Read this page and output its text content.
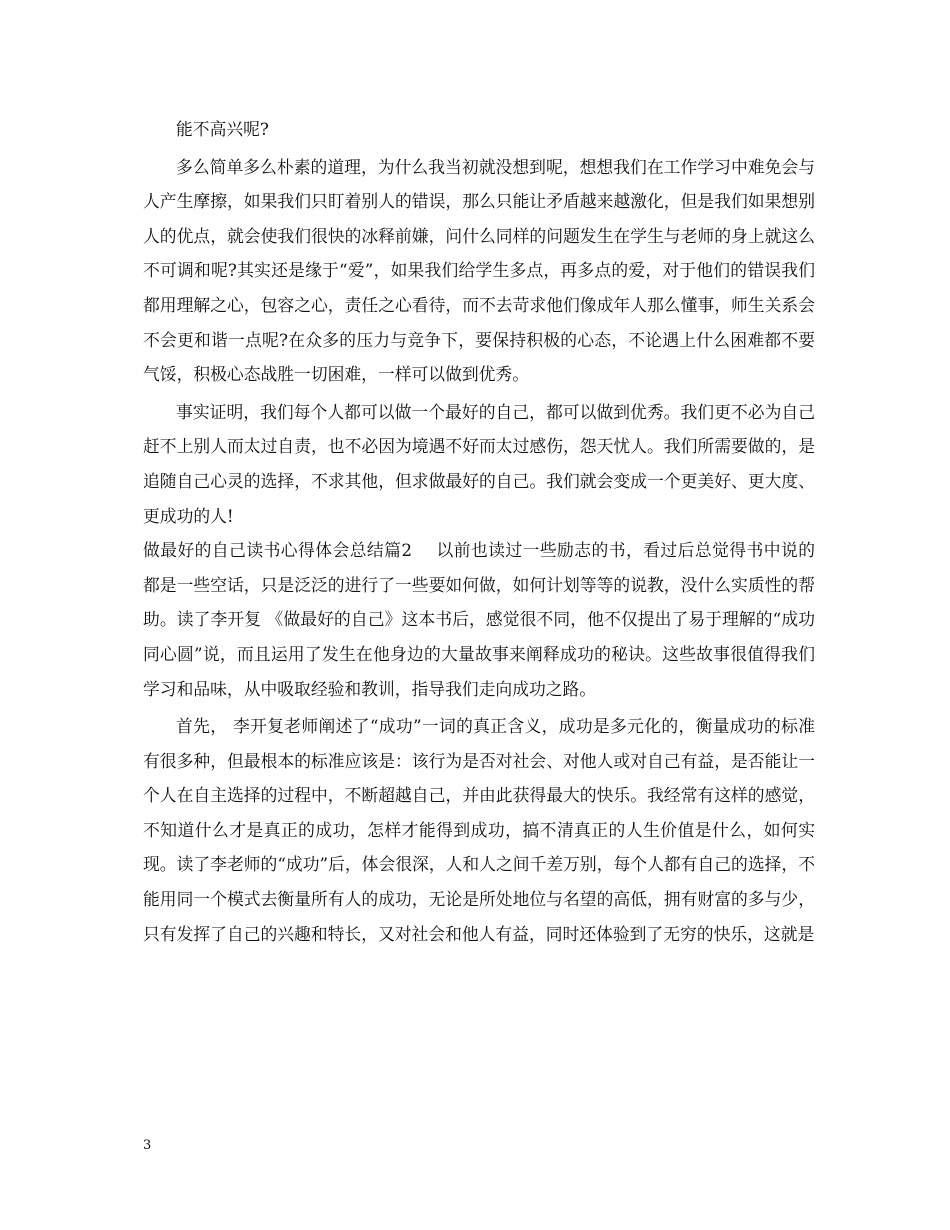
能不高兴呢?

多么简单多么朴素的道理，为什么我当初就没想到呢，想想我们在工作学习中难免会与人产生摩擦，如果我们只盯着别人的错误，那么只能让矛盾越来越激化，但是我们如果想别人的优点，就会使我们很快的冰释前嫌，问什么同样的问题发生在学生与老师的身上就这么不可调和呢?其实还是缘于“爱”，如果我们给学生多点，再多点的爱，对于他们的错误我们都用理解之心，包容之心，责任之心看待，而不去苛求他们像成年人那么懂事，师生关系会不会更和谐一点呢?在众多的压力与竞争下，要保持积极的心态，不论遇上什么困难都不要气馁，积极心态战胜一切困难，一样可以做到优秀。

事实证明，我们每个人都可以做一个最好的自己，都可以做到优秀。我们更不必为自己赶不上别人而太过自责，也不必因为境遇不好而太过感伤，怨天忧人。我们所需要做的，是追随自己心灵的选择，不求其他，但求做最好的自己。我们就会变成一个更美好、更大度、更成功的人!

做最好的自己读书心得体会总结篇2 以前也读过一些励志的书，看过后总觉得书中说的都是一些空话，只是泛泛的进行了一些要如何做，如何计划等等的说教，没什么实质性的帮助。读了李开复 《做最好的自己》这本书后，感觉很不同，他不仅提出了易于理解的“成功同心圆”说，而且运用了发生在他身边的大量故事来阐释成功的秘诀。这些故事很值得我们学习和品味，从中吸取经验和教训，指导我们走向成功之路。

首先， 李开复老师阐述了“成功”一词的真正含义，成功是多元化的，衡量成功的标准有很多种，但最根本的标准应该是：该行为是否对社会、对他人或对自己有益，是否能让一个人在自主选择的过程中，不断超越自己，并由此获得最大的快乐。我经常有这样的感觉，不知道什么才是真正的成功，怎样才能得到成功，搞不清真正的人生价值是什么，如何实现。读了李老师的“成功”后，体会很深，人和人之间千差万别，每个人都有自己的选择，不能用同一个模式去衡量所有人的成功，无论是所处地位与名望的高低，拥有财富的多与少，只有发挥了自己的兴趣和特长，又对社会和他人有益，同时还体验到了无穷的快乐，这就是

3
